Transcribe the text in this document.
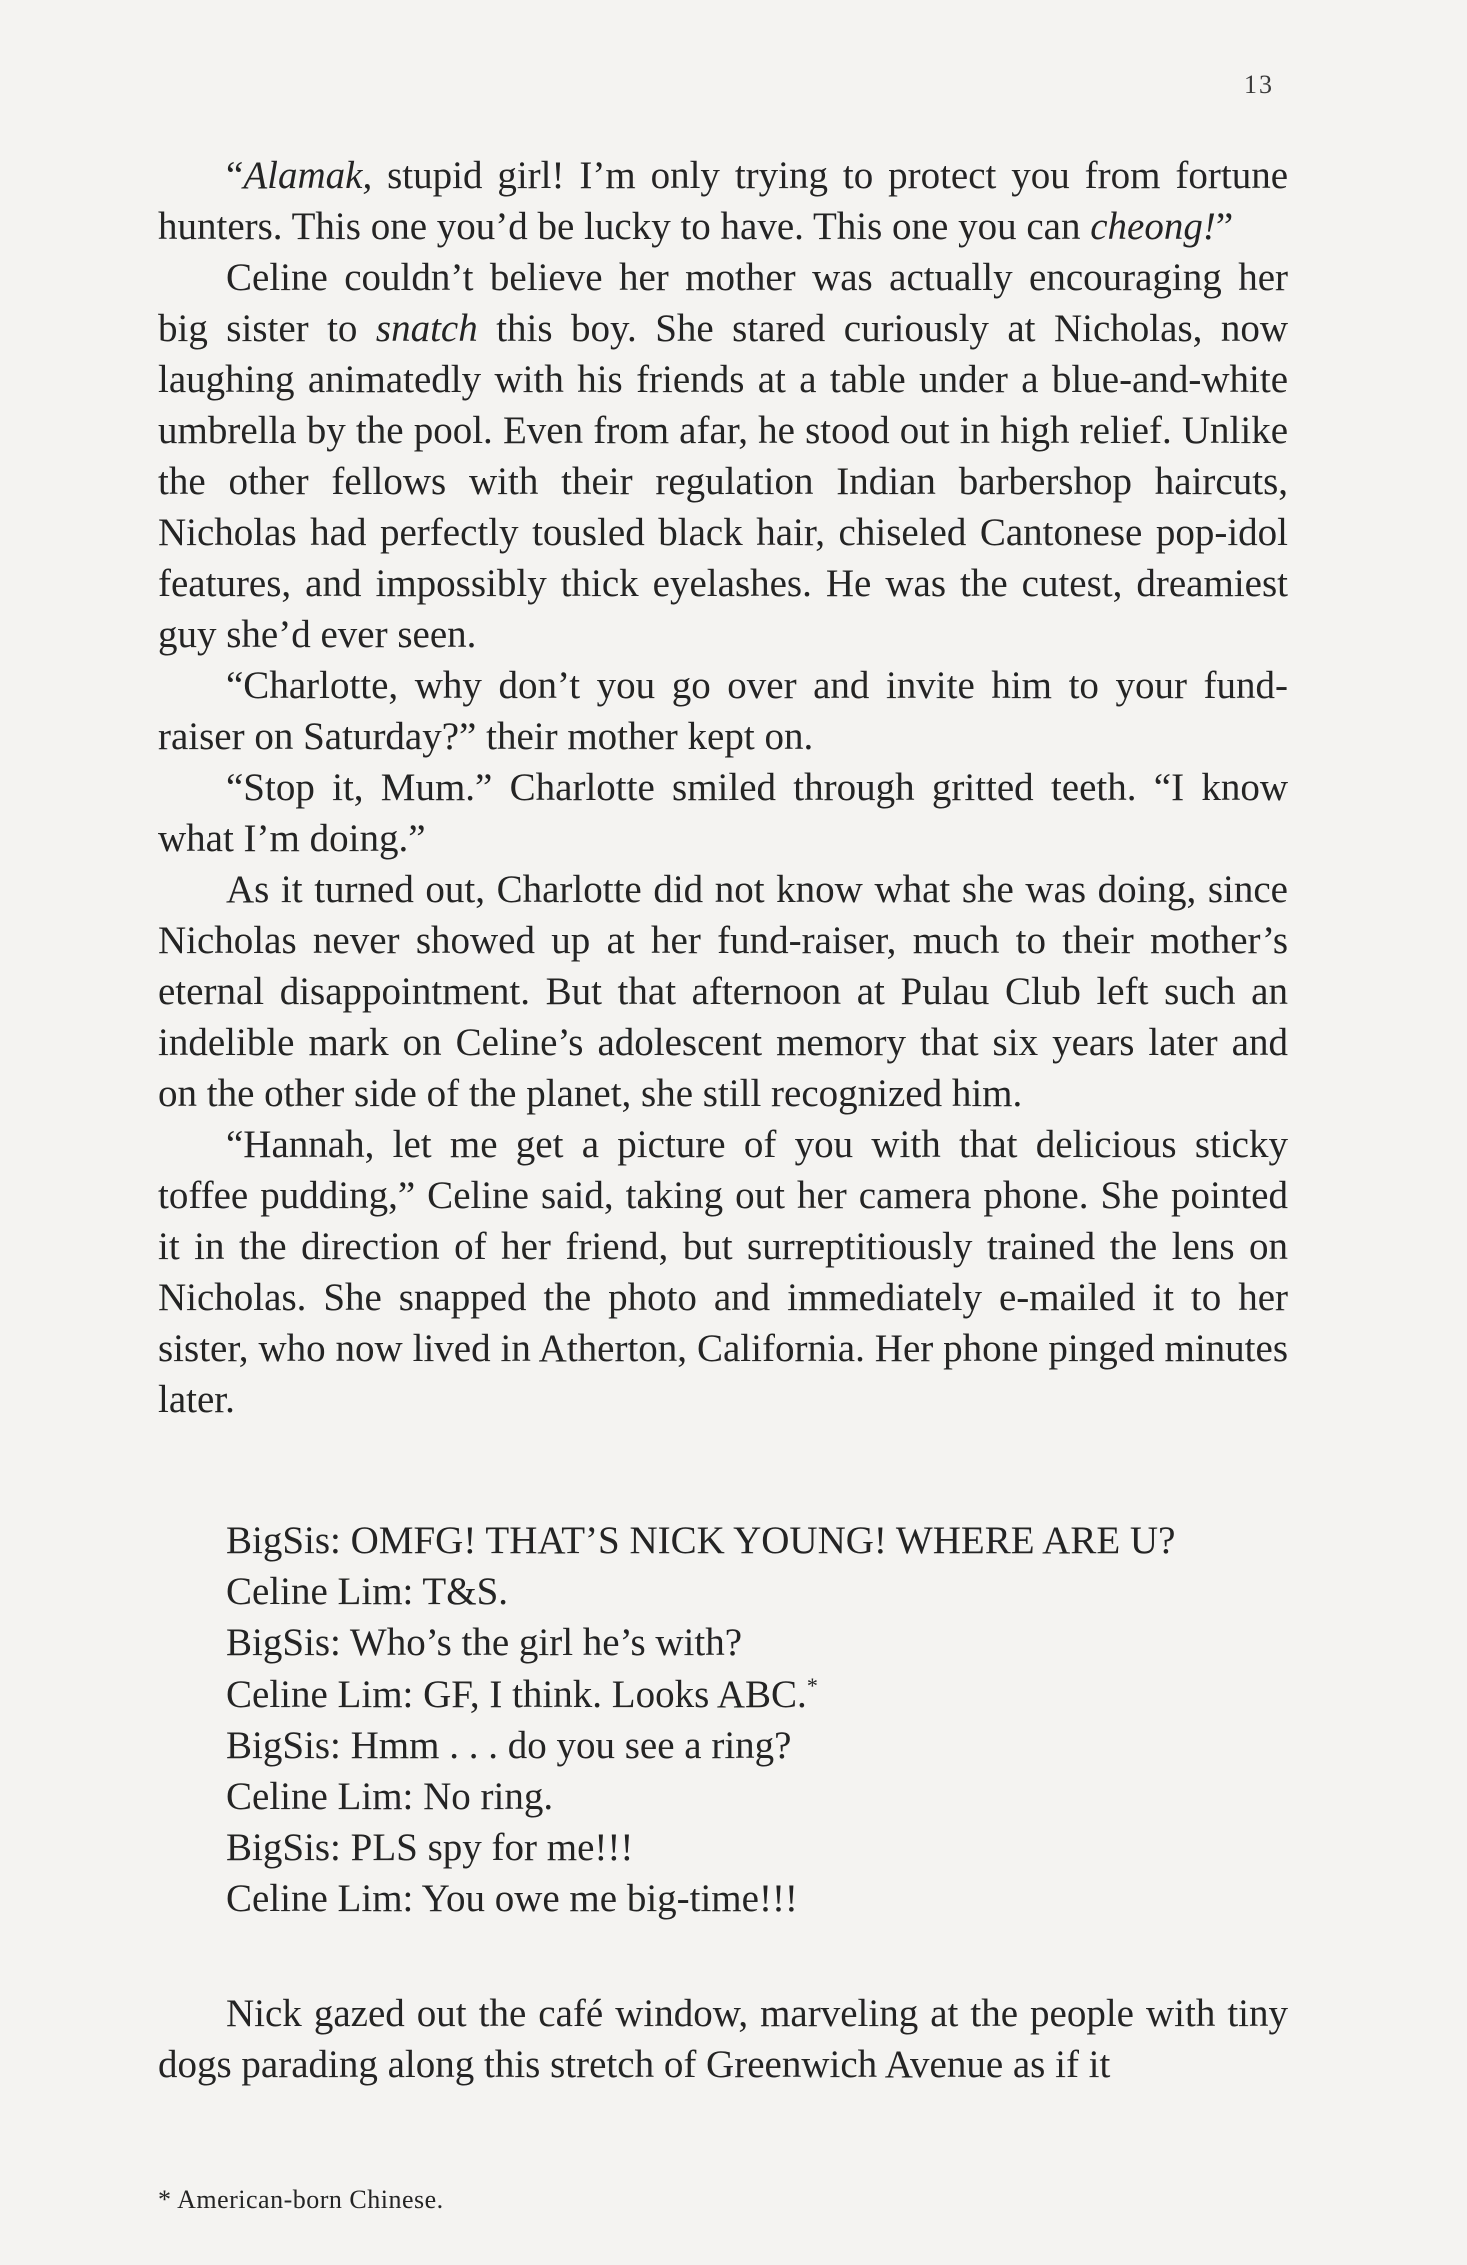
13

“Alamak, stupid girl! I’m only trying to protect you from fortune hunters. This one you’d be lucky to have. This one you can cheong!”

Celine couldn’t believe her mother was actually encouraging her big sister to snatch this boy. She stared curiously at Nicholas, now laughing animatedly with his friends at a table under a blue-and-white umbrella by the pool. Even from afar, he stood out in high relief. Unlike the other fellows with their regulation Indian barbershop haircuts, Nicholas had perfectly tousled black hair, chiseled Cantonese pop-idol features, and impossibly thick eyelashes. He was the cutest, dreamiest guy she’d ever seen.

“Charlotte, why don’t you go over and invite him to your fund-raiser on Saturday?” their mother kept on.

“Stop it, Mum.” Charlotte smiled through gritted teeth. “I know what I’m doing.”

As it turned out, Charlotte did not know what she was doing, since Nicholas never showed up at her fund-raiser, much to their mother’s eternal disappointment. But that afternoon at Pulau Club left such an indelible mark on Celine’s adolescent memory that six years later and on the other side of the planet, she still recognized him.

“Hannah, let me get a picture of you with that delicious sticky toffee pudding,” Celine said, taking out her camera phone. She pointed it in the direction of her friend, but surreptitiously trained the lens on Nicholas. She snapped the photo and immediately e-mailed it to her sister, who now lived in Atherton, California. Her phone pinged minutes later.

BigSis: OMFG! THAT’S NICK YOUNG! WHERE ARE U?
Celine Lim: T&S.
BigSis: Who’s the girl he’s with?
Celine Lim: GF, I think. Looks ABC.*
BigSis: Hmm . . . do you see a ring?
Celine Lim: No ring.
BigSis: PLS spy for me!!!
Celine Lim: You owe me big-time!!!

Nick gazed out the café window, marveling at the people with tiny dogs parading along this stretch of Greenwich Avenue as if it

* American-born Chinese.
